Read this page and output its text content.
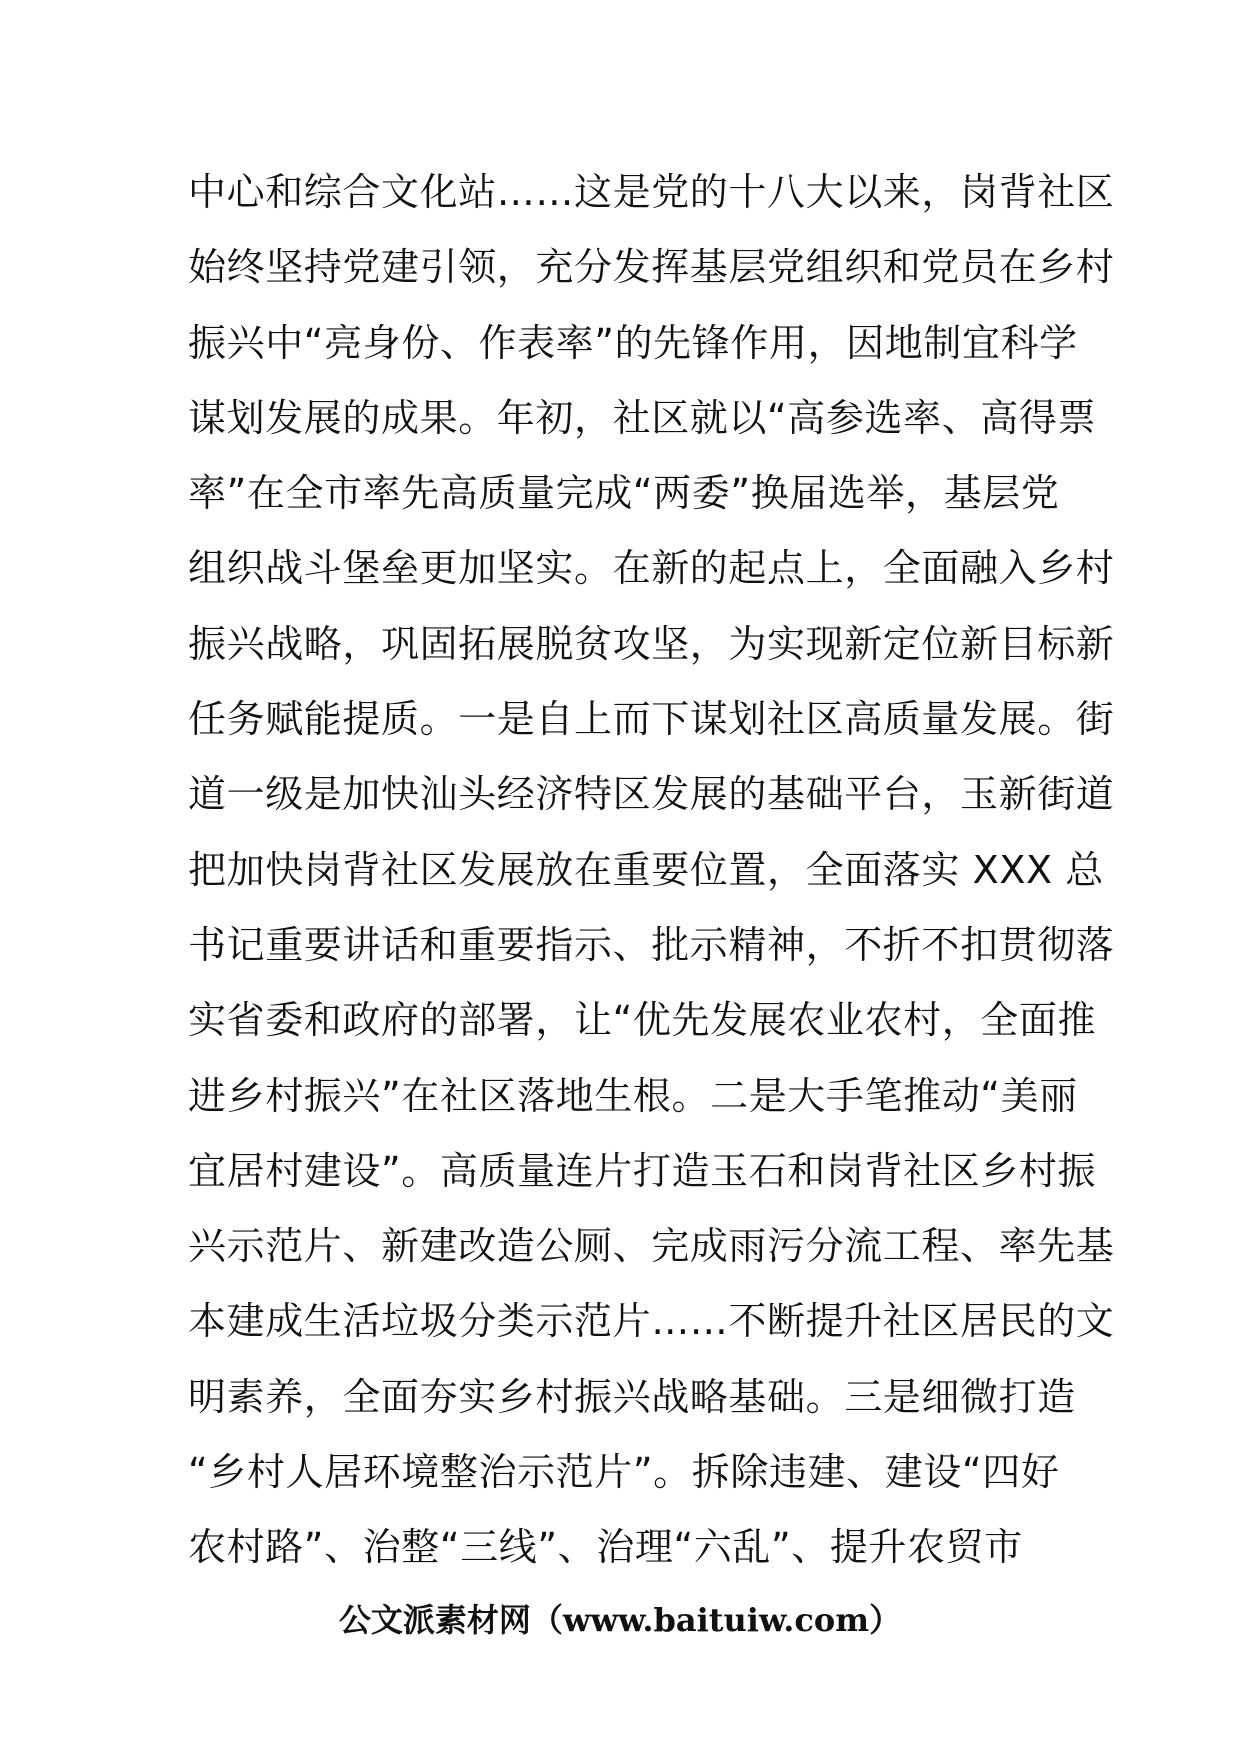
中心和综合文化站……这是党的十八大以来，岗背社区
始终坚持党建引领，充分发挥基层党组织和党员在乡村
振兴中“亮身份、作表率”的先锋作用，因地制宜科学
谋划发展的成果。年初，社区就以“高参选率、高得票
率”在全市率先高质量完成“两委”换届选举，基层党
组织战斗堡垒更加坚实。在新的起点上，全面融入乡村
振兴战略，巩固拓展脱贫攻坚，为实现新定位新目标新
任务赋能提质。一是自上而下谋划社区高质量发展。街
道一级是加快汕头经济特区发展的基础平台，玉新街道
把加快岗背社区发展放在重要位置，全面落实 XXX 总
书记重要讲话和重要指示、批示精神，不折不扣贯彻落
实省委和政府的部署，让“优先发展农业农村，全面推
进乡村振兴”在社区落地生根。二是大手笔推动“美丽
宜居村建设”。高质量连片打造玉石和岗背社区乡村振
兴示范片、新建改造公厕、完成雨污分流工程、率先基
本建成生活垃圾分类示范片……不断提升社区居民的文
明素养，全面夯实乡村振兴战略基础。三是细微打造
“乡村人居环境整治示范片”。拆除违建、建设“四好
农村路”、治整“三线”、治理“六乱”、提升农贸市
公文派素材网（www.baituiw.com）
